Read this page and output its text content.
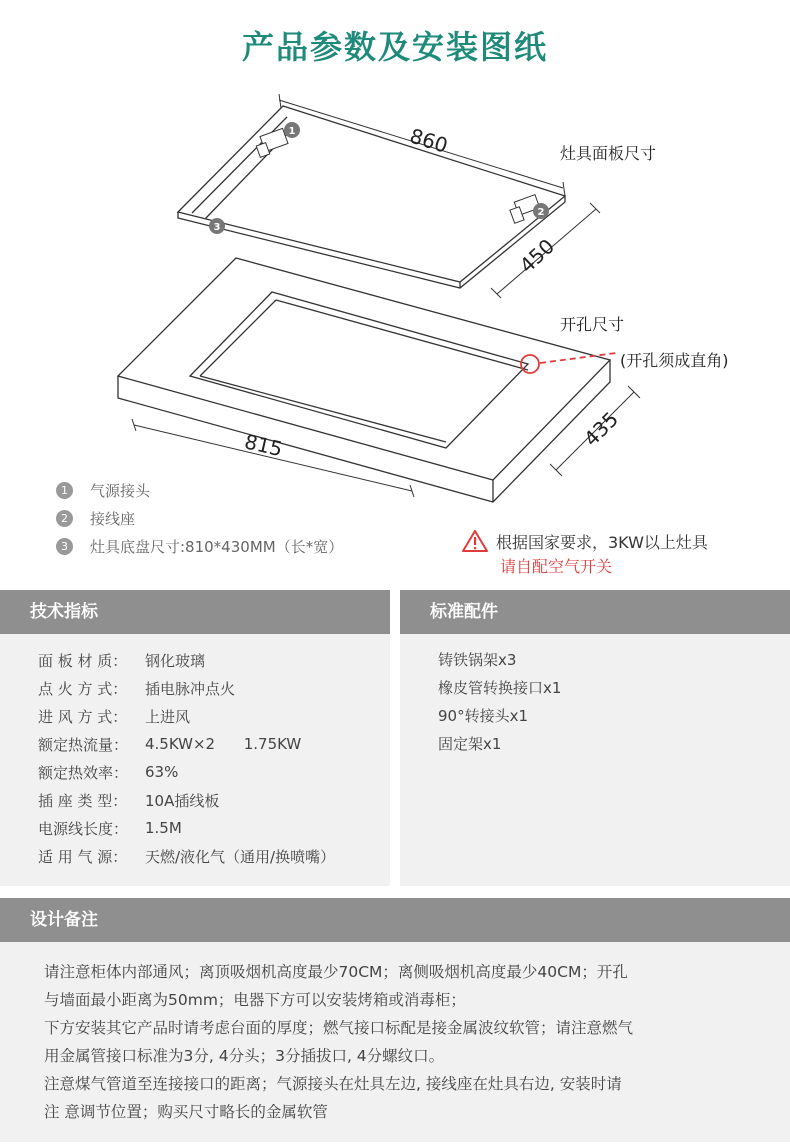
产品参数及安装图纸
1
2
3
860	灶具面板尺寸
450
开孔尺寸
(开孔须成直角)
815	435
1	气源接头
2	接线座
3	灶具底盘尺寸:810*430MM（长*宽）	根据国家要求，3KW以上灶具
请自配空气开关
技术指标
面 板 材 质：	钢化玻璃
点 火 方 式：	插电脉冲点火
进 风 方 式：	上进风
额定热流量：	4.5KW×2      1.75KW
额定热效率：	63%
插 座 类 型：	10A插线板
电源线长度：	1.5M
适 用 气 源：	天燃/液化气（通用/换喷嘴）
标准配件
铸铁锅架x3
橡皮管转换接口x1
90°转接头x1
固定架x1
设计备注

请注意柜体内部通风；离顶吸烟机高度最少70CM；离侧吸烟机高度最少40CM；开孔

与墙面最小距离为50mm；电器下方可以安装烤箱或消毒柜；

下方安装其它产品时请考虑台面的厚度；燃气接口标配是接金属波纹软管；请注意燃气

用金属管接口标准为3分, 4分头；3分插拔口, 4分螺纹口。

注意煤气管道至连接接口的距离；气源接头在灶具左边, 接线座在灶具右边, 安装时请

注 意调节位置；购买尺寸略长的金属软管
